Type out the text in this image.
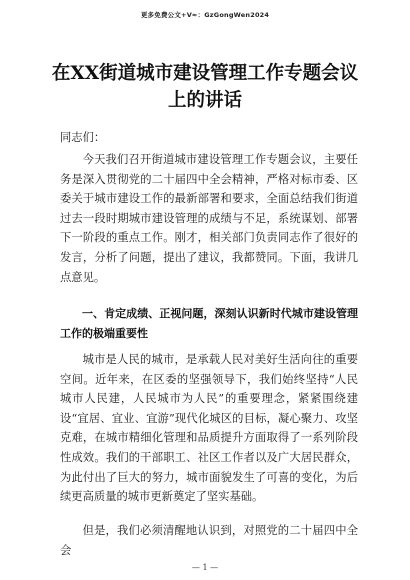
更多免费公文+V≈：GzGongWen2024
在XX街道城市建设管理工作专题会议上的讲话
同志们：
今天我们召开街道城市建设管理工作专题会议，主要任务是深入贯彻党的二十届四中全会精神，严格对标市委、区委关于城市建设工作的最新部署和要求，全面总结我们街道过去一段时期城市建设管理的成绩与不足，系统谋划、部署下一阶段的重点工作。刚才，相关部门负责同志作了很好的发言，分析了问题，提出了建议，我都赞同。下面，我讲几点意见。
一、肯定成绩、正视问题，深刻认识新时代城市建设管理工作的极端重要性
城市是人民的城市，是承载人民对美好生活向往的重要空间。近年来，在区委的坚强领导下，我们始终坚持“人民城市人民建，人民城市为人民”的重要理念，紧紧围绕建设“宜居、宜业、宜游”现代化城区的目标，凝心聚力、攻坚克难，在城市精细化管理和品质提升方面取得了一系列阶段性成效。我们的干部职工、社区工作者以及广大居民群众，为此付出了巨大的努力，城市面貌发生了可喜的变化，为后续更高质量的城市更新奠定了坚实基础。
但是，我们必须清醒地认识到，对照党的二十届四中全会
— 1 —
